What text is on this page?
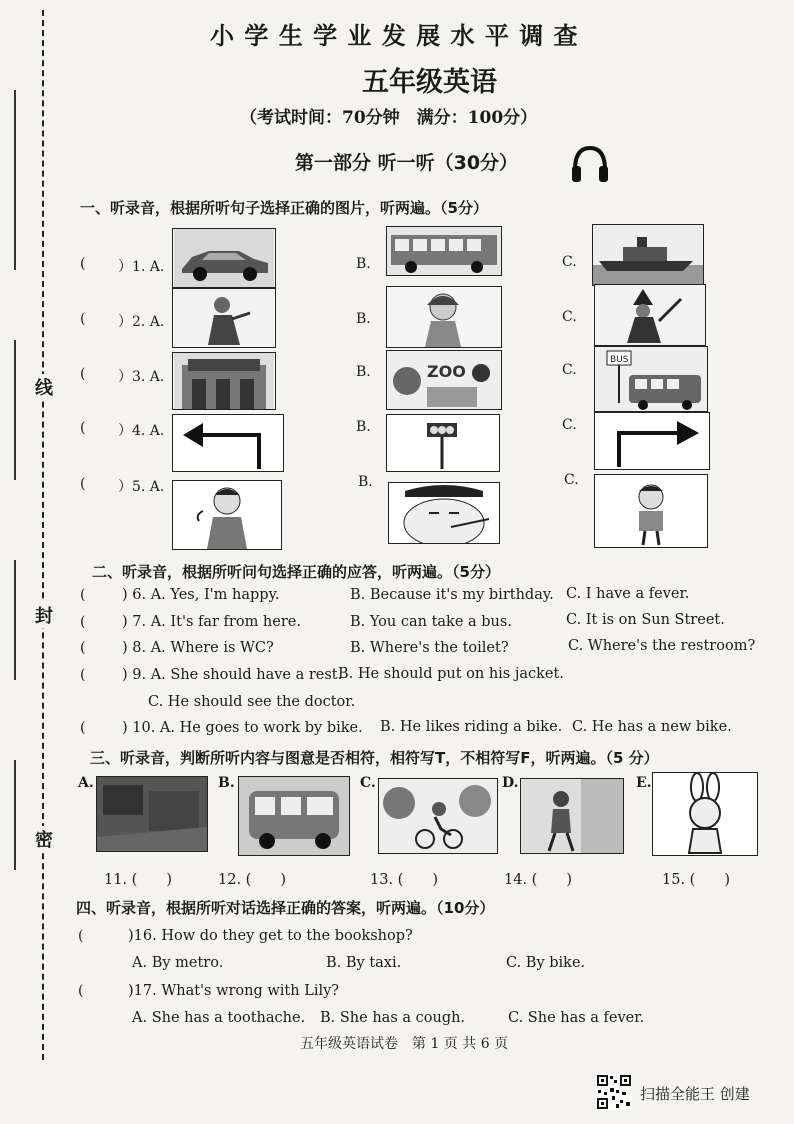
线
封
密
小 学 生 学 业 发 展 水 平 调 查
五年级英语
（考试时间：70分钟　满分：100分）
第一部分 听一听（30分）
一、听录音，根据所听句子选择正确的图片，听两遍。（5分）
( ）1. A.	B.	C.
( ）2. A.	B.	C.
( ）3. A.	B.	ZOO	C.
BUS
( ）4. A.	B.	C.
( ）5. A.	B.	C.
二、听录音，根据所听问句选择正确的应答，听两遍。（5分）
(	) 6. A. Yes, I'm happy.	B. Because it's my birthday. C. I have a fever.
(	) 7. A. It's far from here.	B. You can take a bus.	C. It is on Sun Street.
(	) 8. A. Where is WC?	B. Where's the toilet?	C. Where's the restroom?
(	) 9. A. She should have a rest.
B. He should put on his jacket.
C. He should see the doctor.
(	) 10. A. He goes to work by bike. B. He likes riding a bike. C. He has a new bike.
三、听录音，判断所听内容与图意是否相符，相符写T，不相符写F，听两遍。（5 分）
A.	B.	C.	D.	E.
11. (　　)	12. (　　)	13. (　　)	14. (　　)	15. (　　)
四、听录音，根据所听对话选择正确的答案，听两遍。（10分）
(	)16. How do they get to the bookshop?
A. By metro.	B. By taxi.	C. By bike.
(	)17. What's wrong with Lily?
A. She has a toothache. B. She has a cough.	C. She has a fever.
五年级英语试卷　第 1 页 共 6 页
扫描全能王 创建
